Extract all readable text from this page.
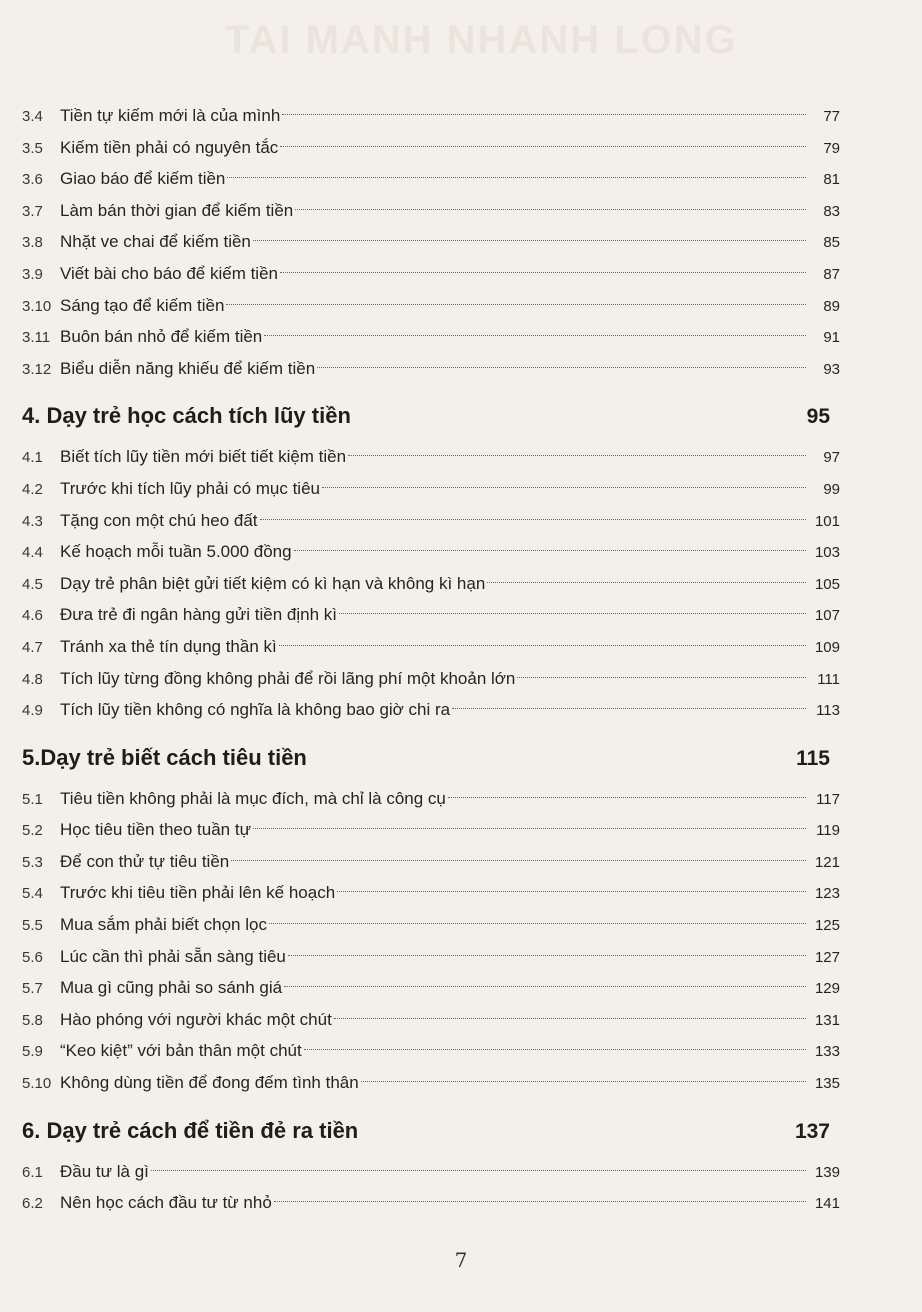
TAI MANH NHANH LONG
3.4	Tiền tự kiếm mới là của mình	77
3.5	Kiếm tiền phải có nguyên tắc	79
3.6	Giao báo để kiếm tiền	81
3.7	Làm bán thời gian để kiếm tiền	83
3.8	Nhặt ve chai để kiếm tiền	85
3.9	Viết bài cho báo để kiếm tiền	87
3.10 Sáng tạo để kiếm tiền	89
3.11 Buôn bán nhỏ để kiếm tiền	91
3.12 Biểu diễn năng khiếu để kiếm tiền	93
4. Dạy trẻ học cách tích lũy tiền	95
4.1	Biết tích lũy tiền mới biết tiết kiệm tiền	97
4.2	Trước khi tích lũy phải có mục tiêu	99
4.3	Tặng con một chú heo đất	101
4.4	Kế hoạch mỗi tuần 5.000 đồng	103
4.5	Dạy trẻ phân biệt gửi tiết kiệm có kì hạn và không kì hạn	105
4.6	Đưa trẻ đi ngân hàng gửi tiền định kì	107
4.7	Tránh xa thẻ tín dụng thần kì	109
4.8	Tích lũy từng đồng không phải để rồi lãng phí một khoản lớn	111
4.9	Tích lũy tiền không có nghĩa là không bao giờ chi ra	113
5.Dạy trẻ biết cách tiêu tiền	115
5.1	Tiêu tiền không phải là mục đích, mà chỉ là công cụ	117
5.2	Học tiêu tiền theo tuần tự	119
5.3	Để con thử tự tiêu tiền	121
5.4	Trước khi tiêu tiền phải lên kế hoạch	123
5.5	Mua sắm phải biết chọn lọc	125
5.6	Lúc cần thì phải sẵn sàng tiêu	127
5.7	Mua gì cũng phải so sánh giá	129
5.8	Hào phóng với người khác một chút	131
5.9	“Keo kiệt” với bản thân một chút	133
5.10 Không dùng tiền để đong đếm tình thân	135
6. Dạy trẻ cách để tiền đẻ ra tiền	137
6.1	Đầu tư là gì	139
6.2	Nên học cách đầu tư từ nhỏ	141
7
